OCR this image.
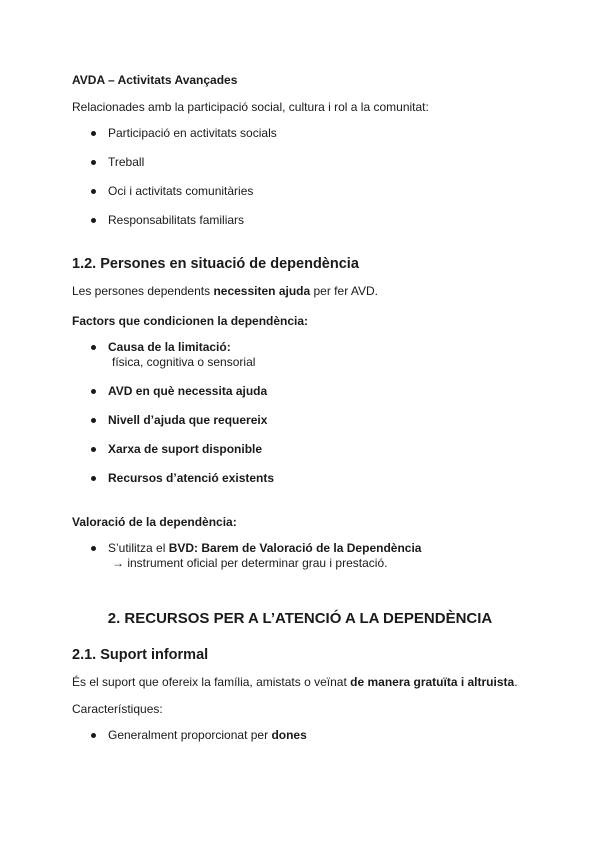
AVDA – Activitats Avançades

Relacionades amb la participació social, cultura i rol a la comunitat:

Participació en activitats socials

Treball

Oci i activitats comunitàries

Responsabilitats familiars

1.2. Persones en situació de dependència

Les persones dependents necessiten ajuda per fer AVD.

Factors que condicionen la dependència:

Causa de la limitació:

física, cognitiva o sensorial

AVD en què necessita ajuda

Nivell d’ajuda que requereix

Xarxa de suport disponible

Recursos d’atenció existents

Valoració de la dependència:

S’utilitza el BVD: Barem de Valoració de la Dependència

→ instrument oficial per determinar grau i prestació.

2. RECURSOS PER A L’ATENCIÓ A LA DEPENDÈNCIA

2.1. Suport informal

És el suport que ofereix la família, amistats o veïnat de manera gratuïta i altruista.

Característiques:

Generalment proporcionat per dones
